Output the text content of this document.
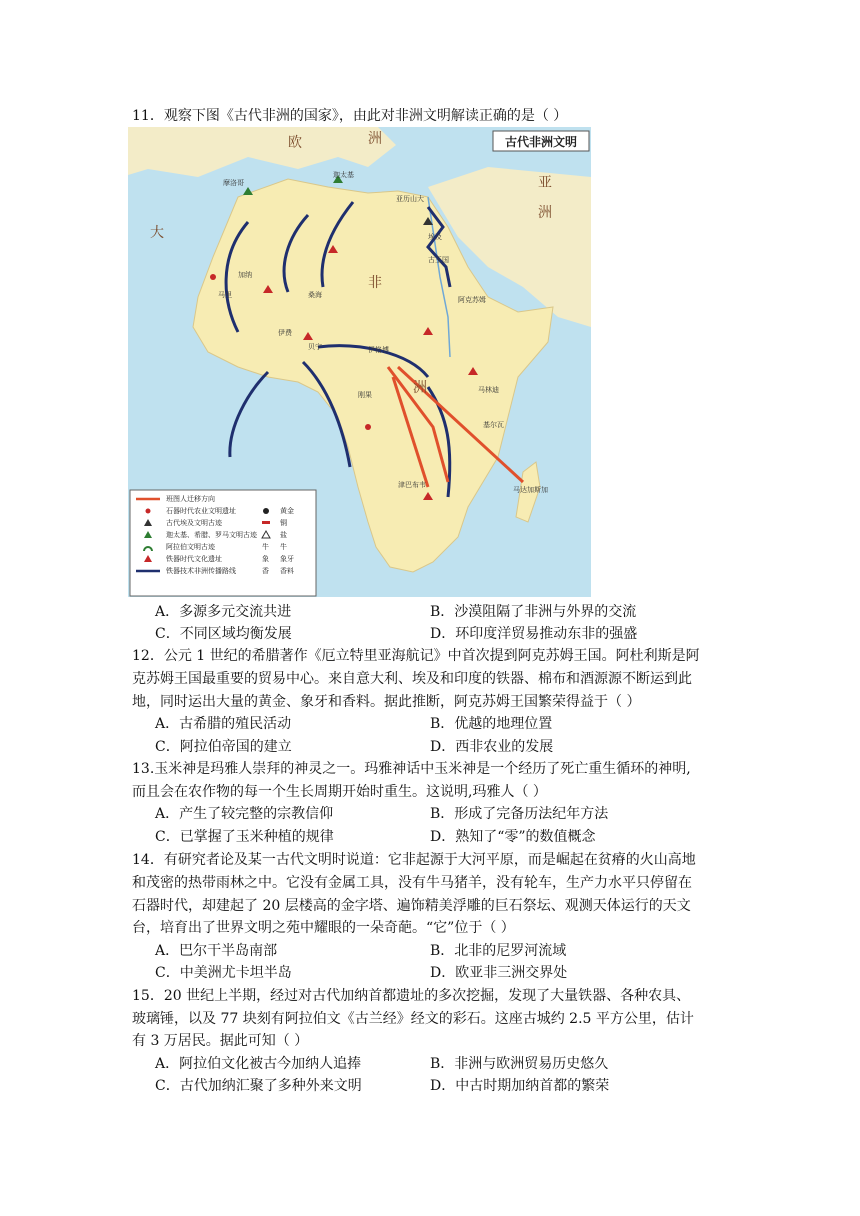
11．观察下图《古代非洲的国家》，由此对非洲文明解读正确的是（ ）
古代非洲文明
欧	洲
亚
洲
大
非
洲
摩洛哥
迦太基
亚历山大
埃及
古王国
阿克苏姆
加纳
马里	桑海
伊费
贝宁
刚果
津巴布韦
马林迪
基尔瓦
伊格博
马达加斯加
班图人迁移方向
石器时代农业文明遗址
古代埃及文明古迹
迦太基、希腊、罗马文明古迹
阿拉伯文明古迹
铁器时代文化遗址
铁器技术非洲传播路线
黄金
铜
盐
牛 牛
象 象牙
香 香料
A．多源多元交流共进	B．沙漠阻隔了非洲与外界的交流
C．不同区域均衡发展	D．环印度洋贸易推动东非的强盛
12．公元 1 世纪的希腊著作《厄立特里亚海航记》中首次提到阿克苏姆王国。阿杜利斯是阿
克苏姆王国最重要的贸易中心。来自意大利、埃及和印度的铁器、棉布和酒源源不断运到此
地，同时运出大量的黄金、象牙和香料。据此推断，阿克苏姆王国繁荣得益于（ ）
A．古希腊的殖民活动	B．优越的地理位置
C．阿拉伯帝国的建立	D．西非农业的发展
13.玉米神是玛雅人崇拜的神灵之一。玛雅神话中玉米神是一个经历了死亡重生循环的神明,
而且会在农作物的每一个生长周期开始时重生。这说明,玛雅人（ ）
A．产生了较完整的宗教信仰	B．形成了完备历法纪年方法
C．已掌握了玉米种植的规律	D．熟知了“零”的数值概念
14．有研究者论及某一古代文明时说道：它非起源于大河平原，而是崛起在贫瘠的火山高地
和茂密的热带雨林之中。它没有金属工具，没有牛马猪羊，没有轮车，生产力水平只停留在
石器时代，却建起了 20 层楼高的金字塔、遍饰精美浮雕的巨石祭坛、观测天体运行的天文
台，培育出了世界文明之苑中耀眼的一朵奇葩。“它”位于（ ）
A．巴尔干半岛南部	B．北非的尼罗河流域
C．中美洲尤卡坦半岛	D．欧亚非三洲交界处
15．20 世纪上半期，经过对古代加纳首都遗址的多次挖掘，发现了大量铁器、各种农具、
玻璃锤，以及 77 块刻有阿拉伯文《古兰经》经文的彩石。这座古城约 2.5 平方公里，估计
有 3 万居民。据此可知（ ）
A．阿拉伯文化被古今加纳人追捧	B．非洲与欧洲贸易历史悠久
C．古代加纳汇聚了多种外来文明	D．中古时期加纳首都的繁荣
